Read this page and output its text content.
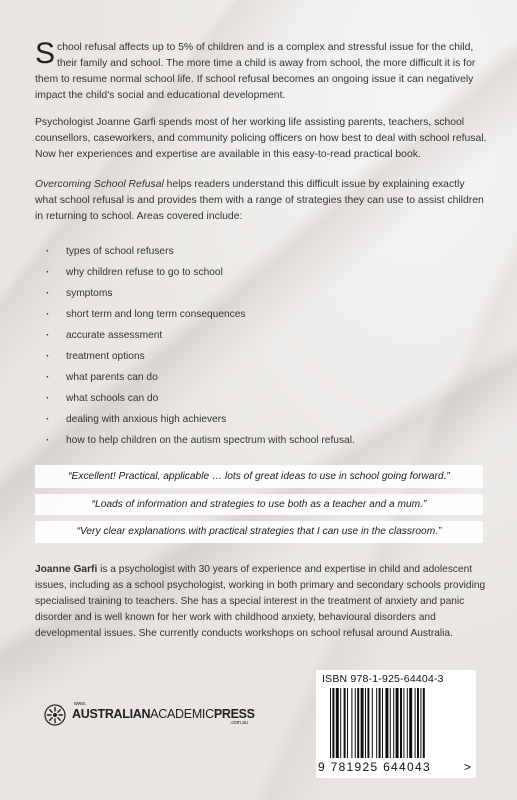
School refusal affects up to 5% of children and is a complex and stressful issue for the child, their family and school. The more time a child is away from school, the more difficult it is for them to resume normal school life. If school refusal becomes an ongoing issue it can negatively impact the child's social and educational development.

Psychologist Joanne Garfi spends most of her working life assisting parents, teachers, school counsellors, caseworkers, and community policing officers on how best to deal with school refusal. Now her experiences and expertise are available in this easy-to-read practical book.

Overcoming School Refusal helps readers understand this difficult issue by explaining exactly what school refusal is and provides them with a range of strategies they can use to assist children in returning to school. Areas covered include:

· types of school refusers
· why children refuse to go to school
· symptoms
· short term and long term consequences
· accurate assessment
· treatment options
· what parents can do
· what schools can do
· dealing with anxious high achievers
· how to help children on the autism spectrum with school refusal.
“Excellent! Practical, applicable … lots of great ideas to use in school going forward.”
“Loads of information and strategies to use both as a teacher and a mum.”
“Very clear explanations with practical strategies that I can use in the classroom.”

Joanne Garfi is a psychologist with 30 years of experience and expertise in child and adolescent issues, including as a school psychologist, working in both primary and secondary schools providing specialised training to teachers. She has a special interest in the treatment of anxiety and panic disorder and is well known for her work with childhood anxiety, behavioural disorders and developmental issues. She currently conducts workshops on school refusal around Australia.

www.
AUSTRALIANACADEMICPRESS
.com.au
ISBN 978-1-925-64404-3
9 781925 644043	>
